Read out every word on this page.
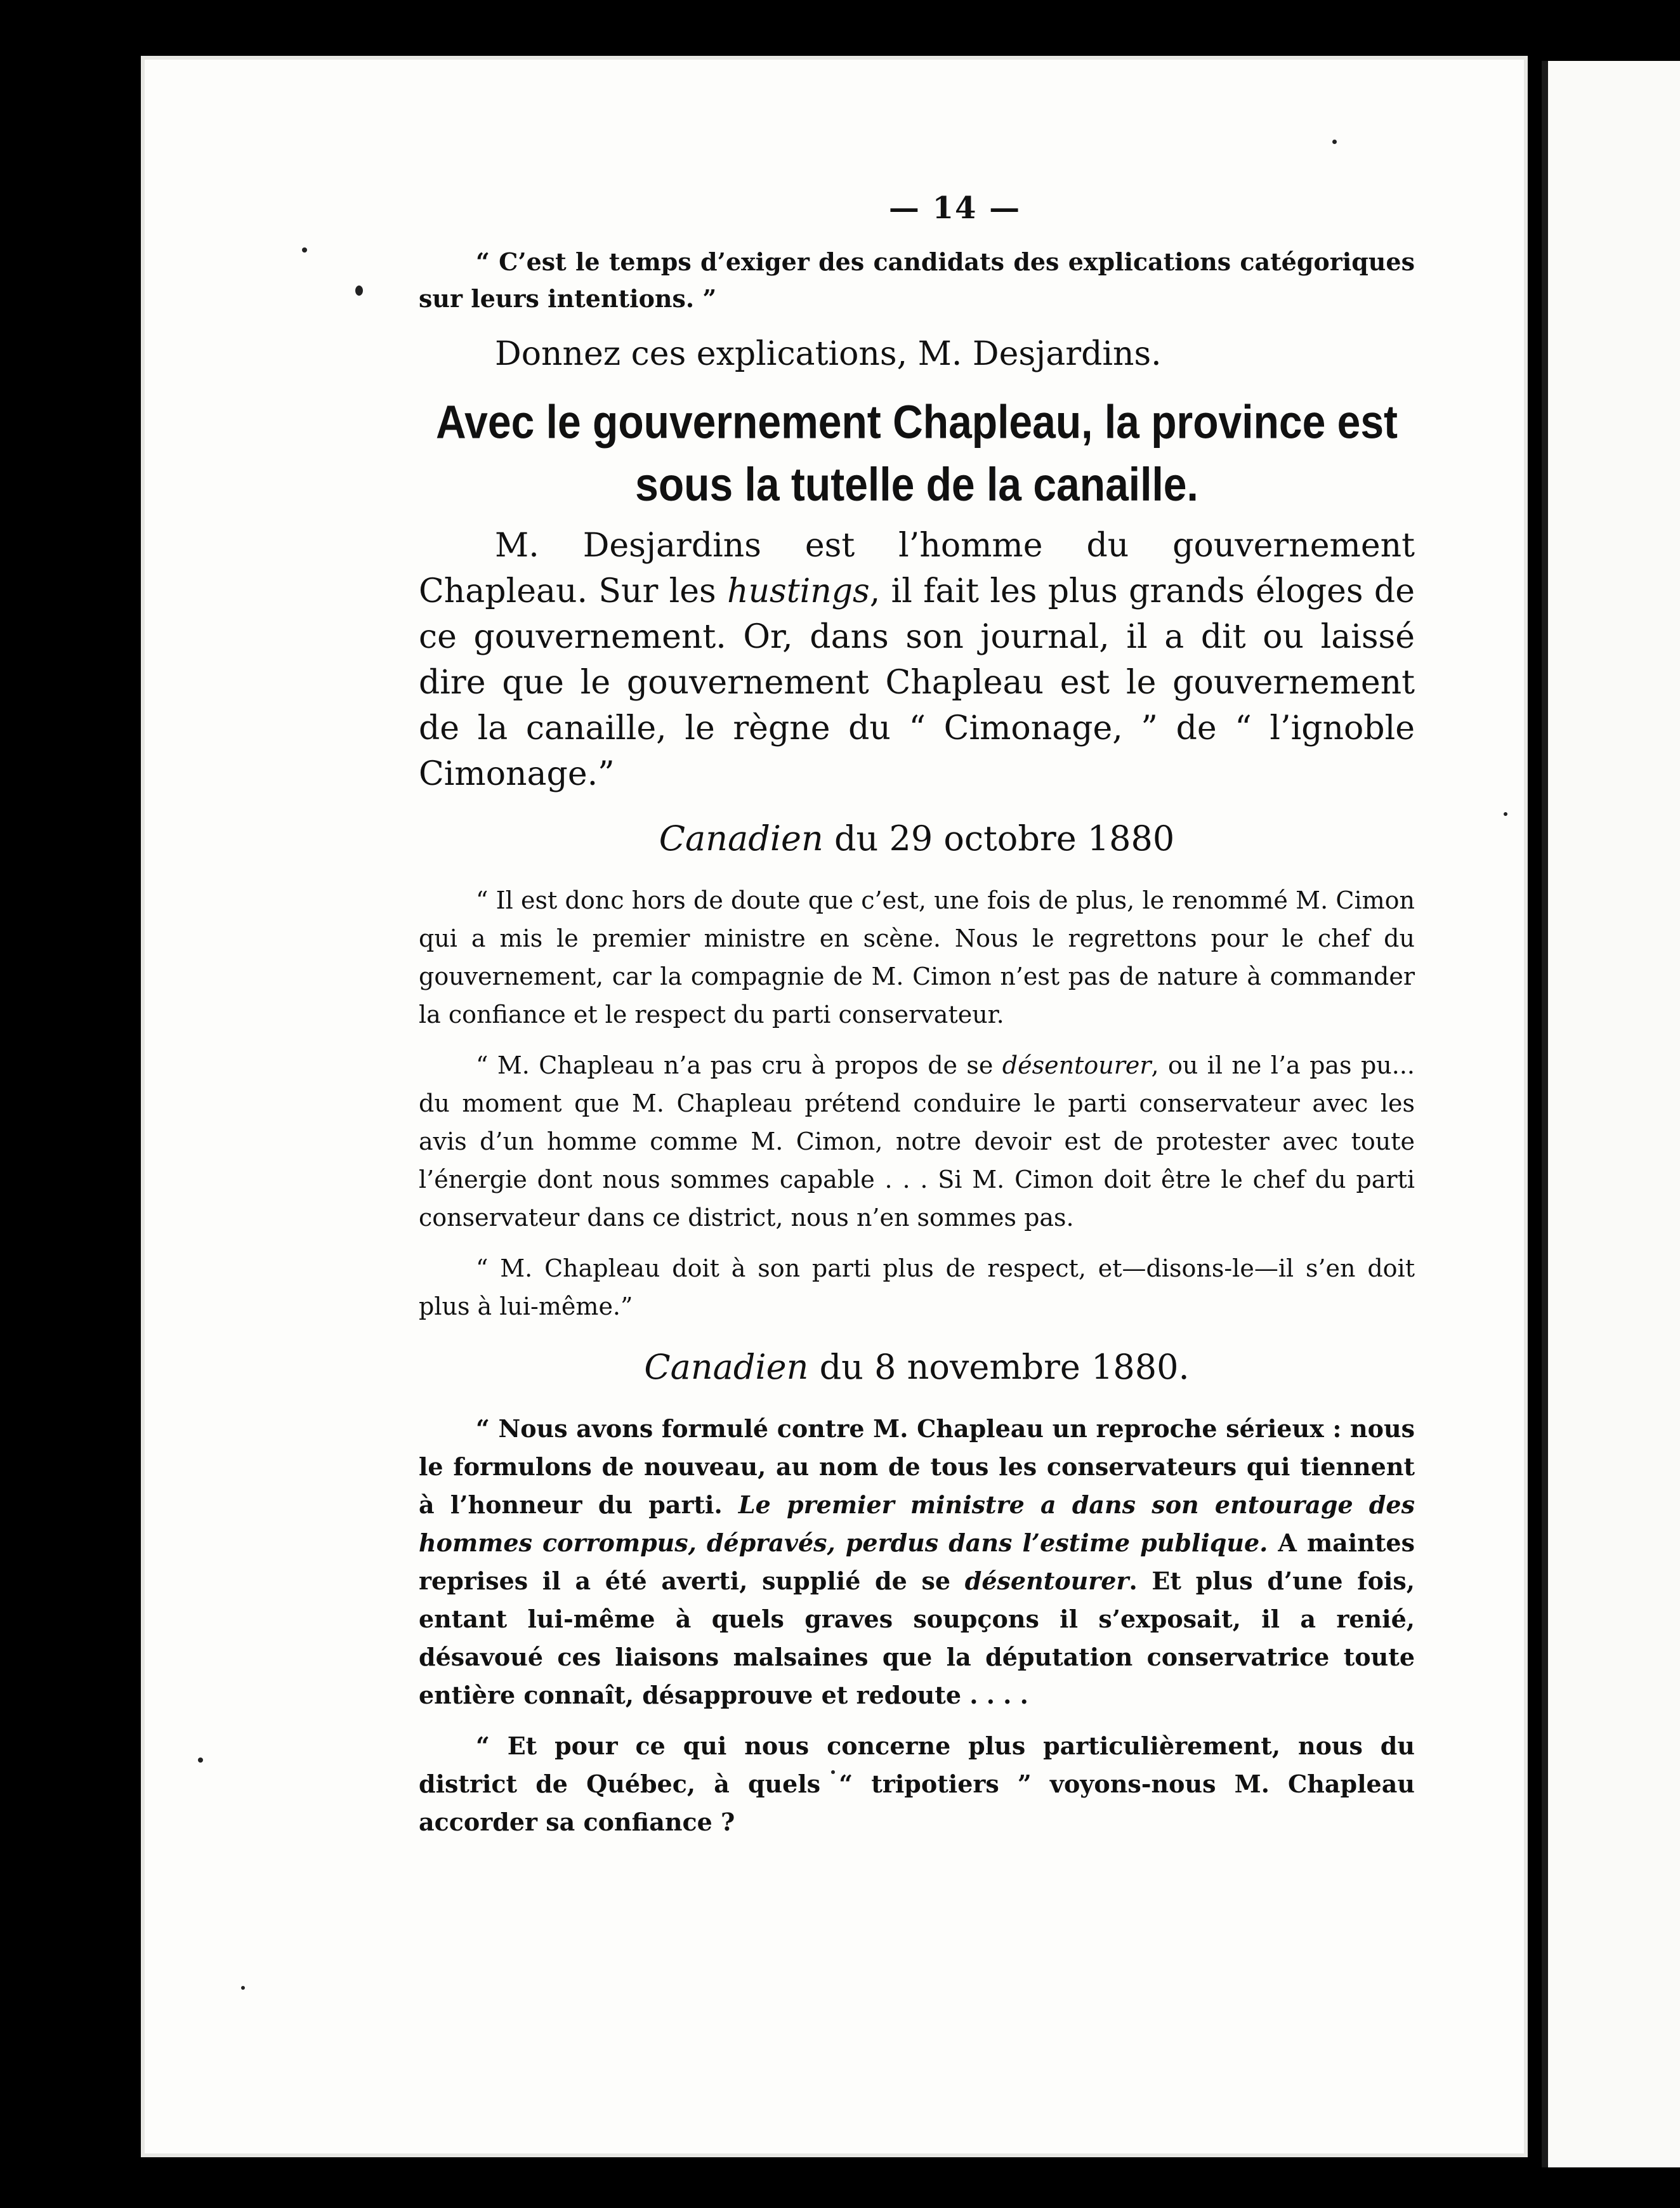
— 14 —

“ C’est le temps d’exiger des candidats des explications catégoriques sur leurs intentions. ”

Donnez ces explications, M. Desjardins.

Avec le gouvernement Chapleau, la province est sous la tutelle de la canaille.

M. Desjardins est l’homme du gouvernement Chapleau. Sur les hustings, il fait les plus grands éloges de ce gouvernement. Or, dans son journal, il a dit ou laissé dire que le gouvernement Chapleau est le gouvernement de la canaille, le règne du “ Cimonage, ” de “ l’ignoble Cimonage.”

Canadien du 29 octobre 1880

“ Il est donc hors de doute que c’est, une fois de plus, le renommé M. Cimon qui a mis le premier ministre en scène. Nous le regrettons pour le chef du gouvernement, car la compagnie de M. Cimon n’est pas de nature à commander la confiance et le respect du parti conservateur.

“ M. Chapleau n’a pas cru à propos de se désentourer, ou il ne l’a pas pu... du moment que M. Chapleau prétend conduire le parti conservateur avec les avis d’un homme comme M. Cimon, notre devoir est de protester avec toute l’énergie dont nous sommes capable . . . Si M. Cimon doit être le chef du parti conservateur dans ce district, nous n’en sommes pas.

“ M. Chapleau doit à son parti plus de respect, et—disons-le—il s’en doit plus à lui-même.”

Canadien du 8 novembre 1880.

“ Nous avons formulé contre M. Chapleau un reproche sérieux : nous le formulons de nouveau, au nom de tous les conservateurs qui tiennent à l’honneur du parti. Le premier ministre a dans son entourage des hommes corrompus, dépravés, perdus dans l’estime publique. A maintes reprises il a été averti, supplié de se désentourer. Et plus d’une fois, entant lui-même à quels graves soupçons il s’exposait, il a renié, désavoué ces liaisons malsaines que la députation conservatrice toute entière connaît, désapprouve et redoute . . . .

“ Et pour ce qui nous concerne plus particulièrement, nous du district de Québec, à quels “ tripotiers ” voyons-nous M. Chapleau accorder sa confiance ?
